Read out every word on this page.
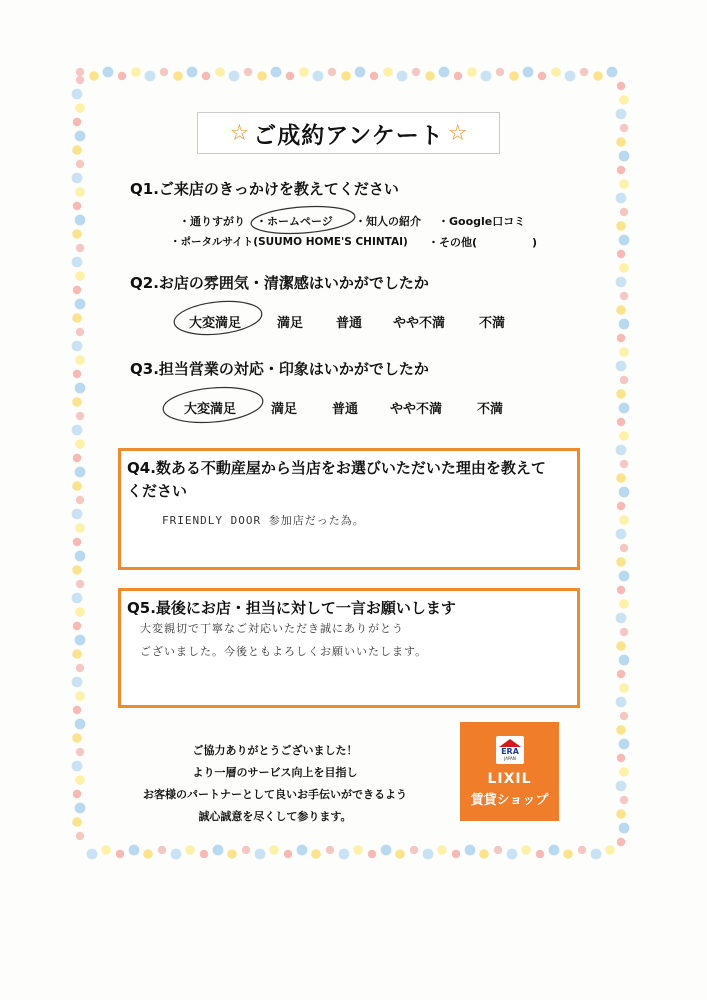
☆ ご成約アンケート ☆
Q1.ご来店のきっかけを教えてください
・通りすがり ・ホームページ ・知人の紹介 ・Google口コミ
・ポータルサイト(SUUMO HOME'S CHINTAI) ・その他(　　　　　)
Q2.お店の雰囲気・清潔感はいかがでしたか
大変満足	満足	普通 やや不満	不満
Q3.担当営業の対応・印象はいかがでしたか
大変満足	満足	普通 やや不満	不満
Q4.数ある不動産屋から当店をお選びいただいた理由を教えて
ください
FRIENDLY DOOR 参加店だった為。
Q5.最後にお店・担当に対して一言お願いします
大変親切で丁寧なご対応いただき誠にありがとう
ございました。今後ともよろしくお願いいたします。
ご協力ありがとうございました！
より一層のサービス向上を目指し
お客様のパートナーとして良いお手伝いができるよう
誠心誠意を尽くして参ります。
ERA
JAPAN
LIXIL
賃貸ショップ
